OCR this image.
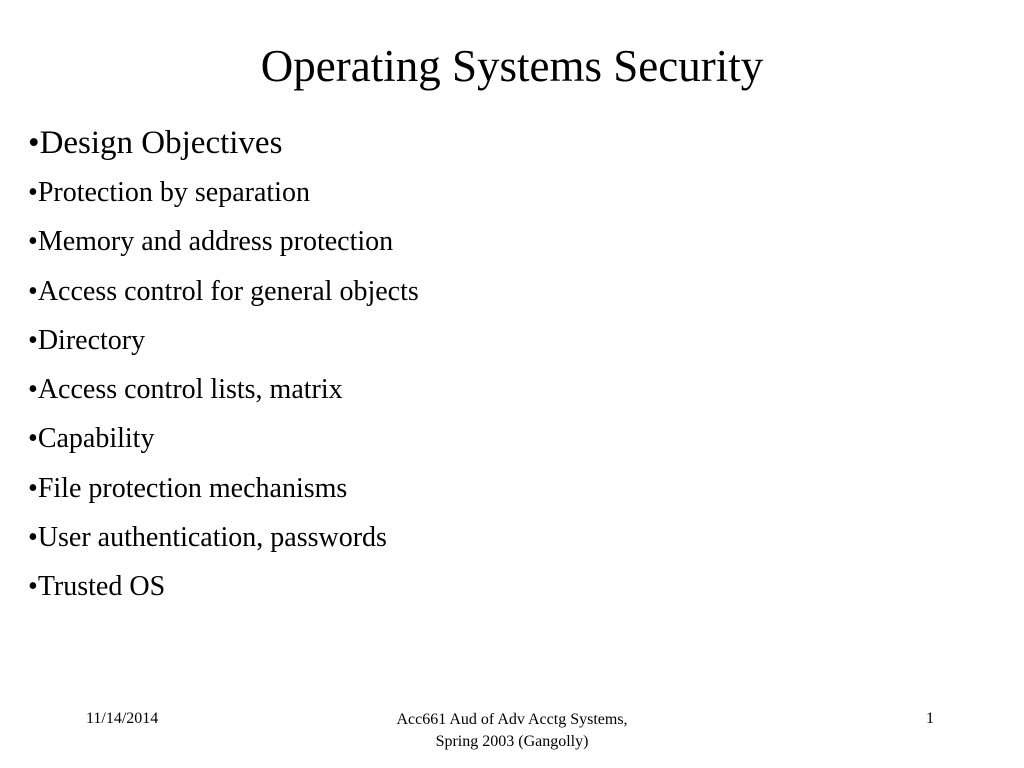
Operating Systems Security
• Design Objectives
• Protection by separation
• Memory and address protection
• Access control for general objects
• Directory
• Access control lists, matrix
• Capability
• File protection mechanisms
• User authentication, passwords
• Trusted OS
11/14/2014	Acc661 Aud of Adv Acctg Systems,
Spring 2003 (Gangolly)
1
